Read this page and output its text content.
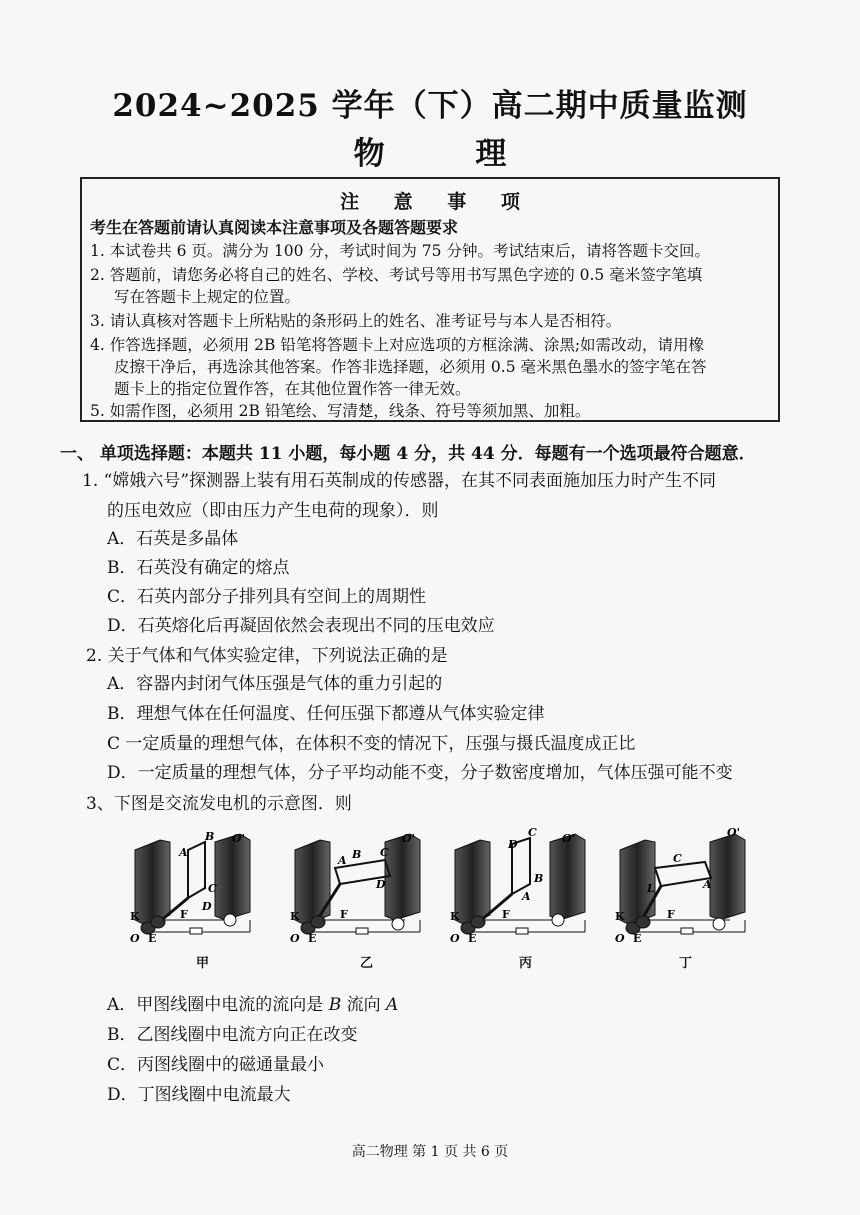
2024~2025 学年（下）高二期中质量监测
物 理
注 意 事 项
考生在答题前请认真阅读本注意事项及各题答题要求
1. 本试卷共 6 页。满分为 100 分，考试时间为 75 分钟。考试结束后，请将答题卡交回。
2. 答题前，请您务必将自己的姓名、学校、考试号等用书写黑色字迹的 0.5 毫米签字笔填
写在答题卡上规定的位置。
3. 请认真核对答题卡上所粘贴的条形码上的姓名、准考证号与本人是否相符。
4. 作答选择题，必须用 2B 铅笔将答题卡上对应选项的方框涂满、涂黑;如需改动，请用橡
皮擦干净后，再选涂其他答案。作答非选择题，必须用 0.5 毫米黑色墨水的签字笔在答
题卡上的指定位置作答，在其他位置作答一律无效。
5. 如需作图，必须用 2B 铅笔绘、写清楚，线条、符号等须加黑、加粗。
一、 单项选择题：本题共 11 小题，每小题 4 分，共 44 分．每题有一个选项最符合题意．
1. “嫦娥六号”探测器上装有用石英制成的传感器，在其不同表面施加压力时产生不同
的压电效应（即由压力产生电荷的现象）．则
A．石英是多晶体
B．石英没有确定的熔点
C．石英内部分子排列具有空间上的周期性
D．石英熔化后再凝固依然会表现出不同的压电效应
2. 关于气体和气体实验定律，下列说法正确的是
A．容器内封闭气体压强是气体的重力引起的
B．理想气体在任何温度、任何压强下都遵从气体实验定律
C 一定质量的理想气体，在体积不变的情况下，压强与摄氏温度成正比
D．一定质量的理想气体，分子平均动能不变，分子数密度增加，气体压强可能不变
3、下图是交流发电机的示意图．则
B
A
C
D
O'
K	F
O E
B
A
C
D
O'
K	F
O E
C
D
B
A
O'
K	F
O E
C
A
L
O'
K	F
O E
甲	乙	丙	丁
A．甲图线圈中电流的流向是 B 流向 A
B．乙图线圈中电流方向正在改变
C．丙图线圈中的磁通量最小
D．丁图线圈中电流最大
高二物理 第 1 页 共 6 页
